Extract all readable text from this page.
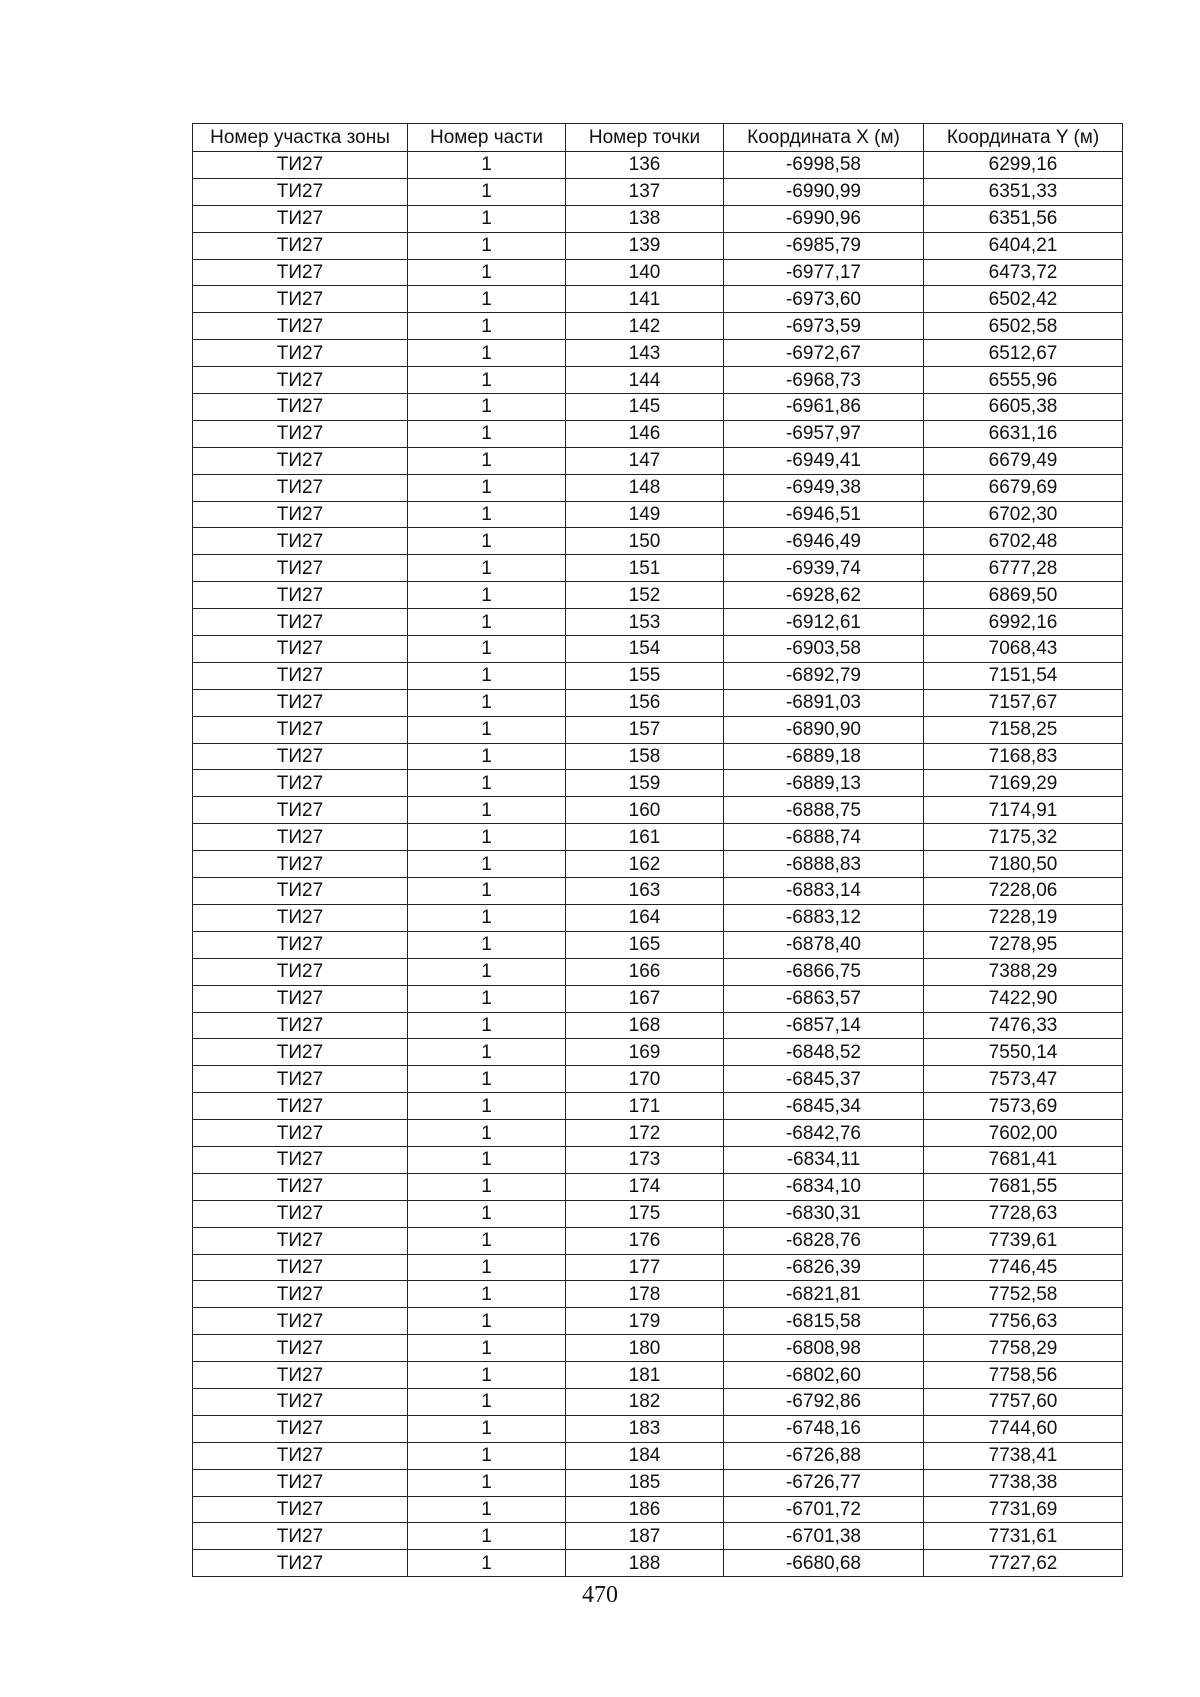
Номер участка зоны	Номер части	Номер точки	Координата X (м)	Координата Y (м)
ТИ27	1	136	-6998,58	6299,16
ТИ27	1	137	-6990,99	6351,33
ТИ27	1	138	-6990,96	6351,56
ТИ27	1	139	-6985,79	6404,21
ТИ27	1	140	-6977,17	6473,72
ТИ27	1	141	-6973,60	6502,42
ТИ27	1	142	-6973,59	6502,58
ТИ27	1	143	-6972,67	6512,67
ТИ27	1	144	-6968,73	6555,96
ТИ27	1	145	-6961,86	6605,38
ТИ27	1	146	-6957,97	6631,16
ТИ27	1	147	-6949,41	6679,49
ТИ27	1	148	-6949,38	6679,69
ТИ27	1	149	-6946,51	6702,30
ТИ27	1	150	-6946,49	6702,48
ТИ27	1	151	-6939,74	6777,28
ТИ27	1	152	-6928,62	6869,50
ТИ27	1	153	-6912,61	6992,16
ТИ27	1	154	-6903,58	7068,43
ТИ27	1	155	-6892,79	7151,54
ТИ27	1	156	-6891,03	7157,67
ТИ27	1	157	-6890,90	7158,25
ТИ27	1	158	-6889,18	7168,83
ТИ27	1	159	-6889,13	7169,29
ТИ27	1	160	-6888,75	7174,91
ТИ27	1	161	-6888,74	7175,32
ТИ27	1	162	-6888,83	7180,50
ТИ27	1	163	-6883,14	7228,06
ТИ27	1	164	-6883,12	7228,19
ТИ27	1	165	-6878,40	7278,95
ТИ27	1	166	-6866,75	7388,29
ТИ27	1	167	-6863,57	7422,90
ТИ27	1	168	-6857,14	7476,33
ТИ27	1	169	-6848,52	7550,14
ТИ27	1	170	-6845,37	7573,47
ТИ27	1	171	-6845,34	7573,69
ТИ27	1	172	-6842,76	7602,00
ТИ27	1	173	-6834,11	7681,41
ТИ27	1	174	-6834,10	7681,55
ТИ27	1	175	-6830,31	7728,63
ТИ27	1	176	-6828,76	7739,61
ТИ27	1	177	-6826,39	7746,45
ТИ27	1	178	-6821,81	7752,58
ТИ27	1	179	-6815,58	7756,63
ТИ27	1	180	-6808,98	7758,29
ТИ27	1	181	-6802,60	7758,56
ТИ27	1	182	-6792,86	7757,60
ТИ27	1	183	-6748,16	7744,60
ТИ27	1	184	-6726,88	7738,41
ТИ27	1	185	-6726,77	7738,38
ТИ27	1	186	-6701,72	7731,69
ТИ27	1	187	-6701,38	7731,61
ТИ27	1	188	-6680,68	7727,62
470
